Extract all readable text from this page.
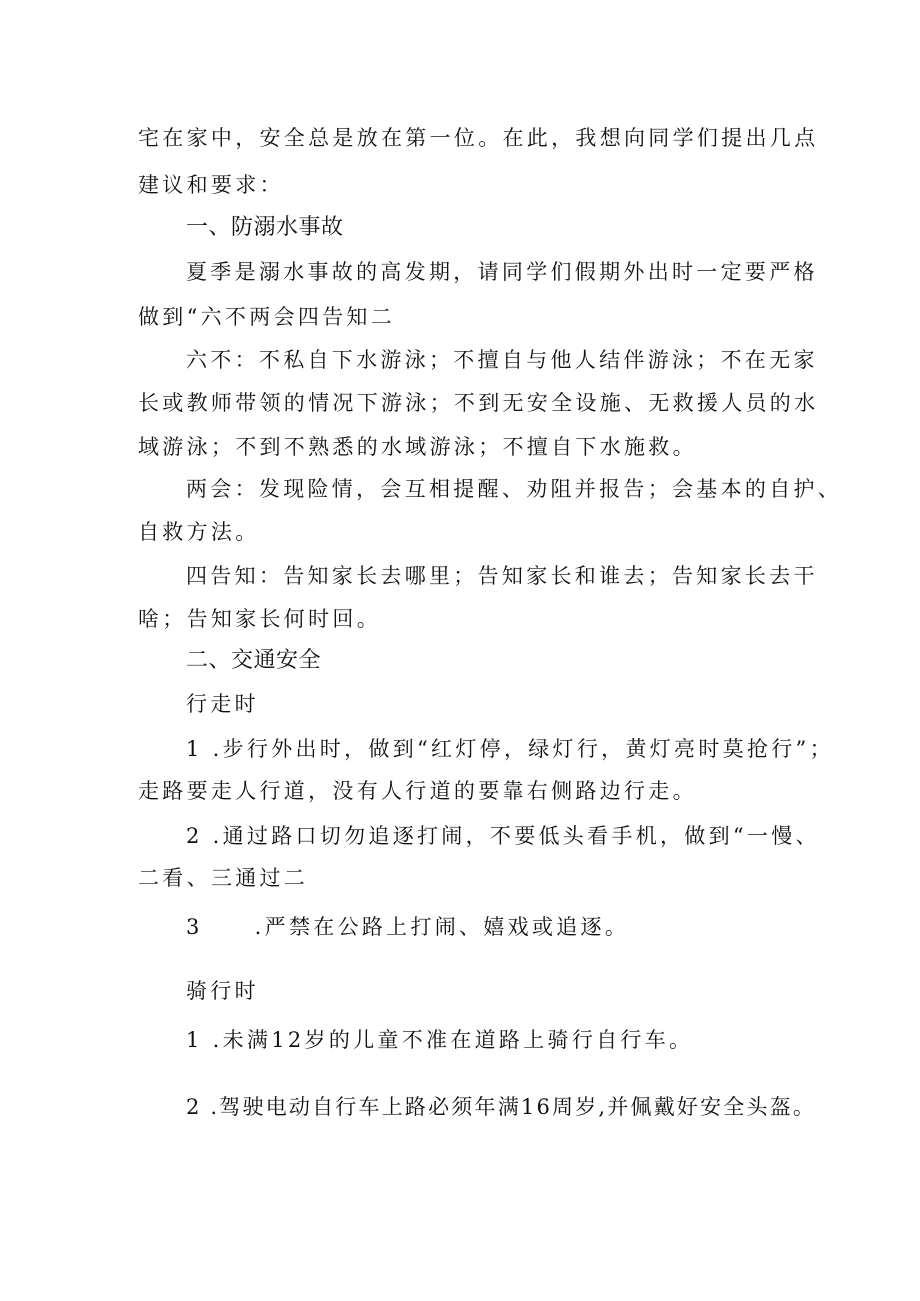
宅在家中，安全总是放在第一位。在此，我想向同学们提出几点
建议和要求：
一、防溺水事故
夏季是溺水事故的高发期，请同学们假期外出时一定要严格
做到“六不两会四告知二
六不：不私自下水游泳；不擅自与他人结伴游泳；不在无家
长或教师带领的情况下游泳；不到无安全设施、无救援人员的水
域游泳；不到不熟悉的水域游泳；不擅自下水施救。
两会：发现险情，会互相提醒、劝阻并报告；会基本的自护、
自救方法。
四告知：告知家长去哪里；告知家长和谁去；告知家长去干
啥；告知家长何时回。
二、交通安全
行走时
1 .步行外出时，做到“红灯停，绿灯行，黄灯亮时莫抢行”；
走路要走人行道，没有人行道的要靠右侧路边行走。
2 .通过路口切勿追逐打闹，不要低头看手机，做到“一慢、
二看、三通过二
3 .严禁在公路上打闹、嬉戏或追逐。
骑行时
1 .未满12岁的儿童不准在道路上骑行自行车。
2 .驾驶电动自行车上路必须年满16周岁,并佩戴好安全头盔。
